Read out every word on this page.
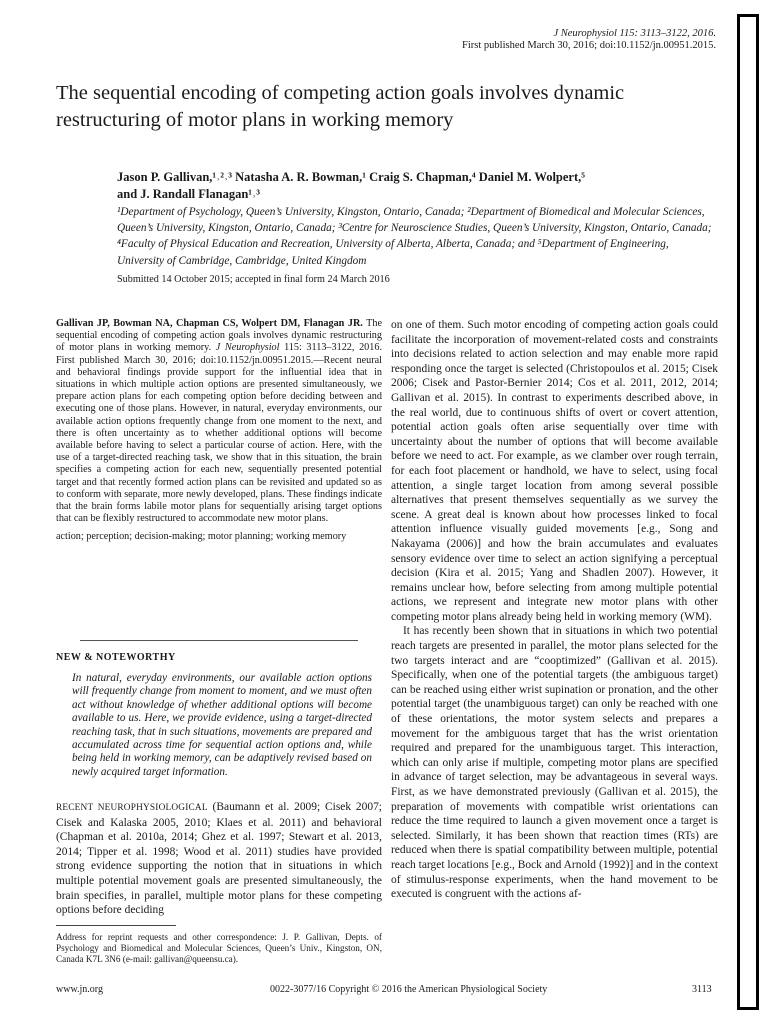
J Neurophysiol 115: 3113–3122, 2016.
First published March 30, 2016; doi:10.1152/jn.00951.2015.
The sequential encoding of competing action goals involves dynamic restructuring of motor plans in working memory
Jason P. Gallivan,¹˒²˒³ Natasha A. R. Bowman,¹ Craig S. Chapman,⁴ Daniel M. Wolpert,⁵
and J. Randall Flanagan¹˒³
¹Department of Psychology, Queen’s University, Kingston, Ontario, Canada; ²Department of Biomedical and Molecular Sciences, Queen’s University, Kingston, Ontario, Canada; ³Centre for Neuroscience Studies, Queen’s University, Kingston, Ontario, Canada; ⁴Faculty of Physical Education and Recreation, University of Alberta, Alberta, Canada; and ⁵Department of Engineering, University of Cambridge, Cambridge, United Kingdom
Submitted 14 October 2015; accepted in final form 24 March 2016

Gallivan JP, Bowman NA, Chapman CS, Wolpert DM, Flanagan JR. The sequential encoding of competing action goals involves dynamic restructuring of motor plans in working memory. J Neurophysiol 115: 3113–3122, 2016. First published March 30, 2016; doi:10.1152/jn.00951.2015.—Recent neural and behavioral findings provide support for the influential idea that in situations in which multiple action options are presented simultaneously, we prepare action plans for each competing option before deciding between and executing one of those plans. However, in natural, everyday environments, our available action options frequently change from one moment to the next, and there is often uncertainty as to whether additional options will become available before having to select a particular course of action. Here, with the use of a target-directed reaching task, we show that in this situation, the brain specifies a competing action for each new, sequentially presented potential target and that recently formed action plans can be revisited and updated so as to conform with separate, more newly developed, plans. These findings indicate that the brain forms labile motor plans for sequentially arising target options that can be flexibly restructured to accommodate new motor plans.

action; perception; decision-making; motor planning; working memory

NEW & NOTEWORTHY
In natural, everyday environments, our available action options will frequently change from moment to moment, and we must often act without knowledge of whether additional options will become available to us. Here, we provide evidence, using a target-directed reaching task, that in such situations, movements are prepared and accumulated across time for sequential action options and, while being held in working memory, can be adaptively revised based on newly acquired target information.
RECENT NEUROPHYSIOLOGICAL (Baumann et al. 2009; Cisek 2007; Cisek and Kalaska 2005, 2010; Klaes et al. 2011) and behavioral (Chapman et al. 2010a, 2014; Ghez et al. 1997; Stewart et al. 2013, 2014; Tipper et al. 1998; Wood et al. 2011) studies have provided strong evidence supporting the notion that in situations in which multiple potential movement goals are presented simultaneously, the brain specifies, in parallel, multiple motor plans for these competing options before deciding
Address for reprint requests and other correspondence: J. P. Gallivan, Depts. of Psychology and Biomedical and Molecular Sciences, Queen’s Univ., Kingston, ON, Canada K7L 3N6 (e-mail: gallivan@queensu.ca).

on one of them. Such motor encoding of competing action goals could facilitate the incorporation of movement-related costs and constraints into decisions related to action selection and may enable more rapid responding once the target is selected (Christopoulos et al. 2015; Cisek 2006; Cisek and Pastor-Bernier 2014; Cos et al. 2011, 2012, 2014; Gallivan et al. 2015). In contrast to experiments described above, in the real world, due to continuous shifts of overt or covert attention, potential action goals often arise sequentially over time with uncertainty about the number of options that will become available before we need to act. For example, as we clamber over rough terrain, for each foot placement or handhold, we have to select, using focal attention, a single target location from among several possible alternatives that present themselves sequentially as we survey the scene. A great deal is known about how processes linked to focal attention influence visually guided movements [e.g., Song and Nakayama (2006)] and how the brain accumulates and evaluates sensory evidence over time to select an action signifying a perceptual decision (Kira et al. 2015; Yang and Shadlen 2007). However, it remains unclear how, before selecting from among multiple potential actions, we represent and integrate new motor plans with other competing motor plans already being held in working memory (WM).

It has recently been shown that in situations in which two potential reach targets are presented in parallel, the motor plans selected for the two targets interact and are “cooptimized” (Gallivan et al. 2015). Specifically, when one of the potential targets (the ambiguous target) can be reached using either wrist supination or pronation, and the other potential target (the unambiguous target) can only be reached with one of these orientations, the motor system selects and prepares a movement for the ambiguous target that has the wrist orientation required and prepared for the unambiguous target. This interaction, which can only arise if multiple, competing motor plans are specified in advance of target selection, may be advantageous in several ways. First, as we have demonstrated previously (Gallivan et al. 2015), the preparation of movements with compatible wrist orientations can reduce the time required to launch a given movement once a target is selected. Similarly, it has been shown that reaction times (RTs) are reduced when there is spatial compatibility between multiple, potential reach target locations [e.g., Bock and Arnold (1992)] and in the context of stimulus-response experiments, when the hand movement to be executed is congruent with the actions af-

www.jn.org	0022-3077/16 Copyright © 2016 the American Physiological Society	3113
